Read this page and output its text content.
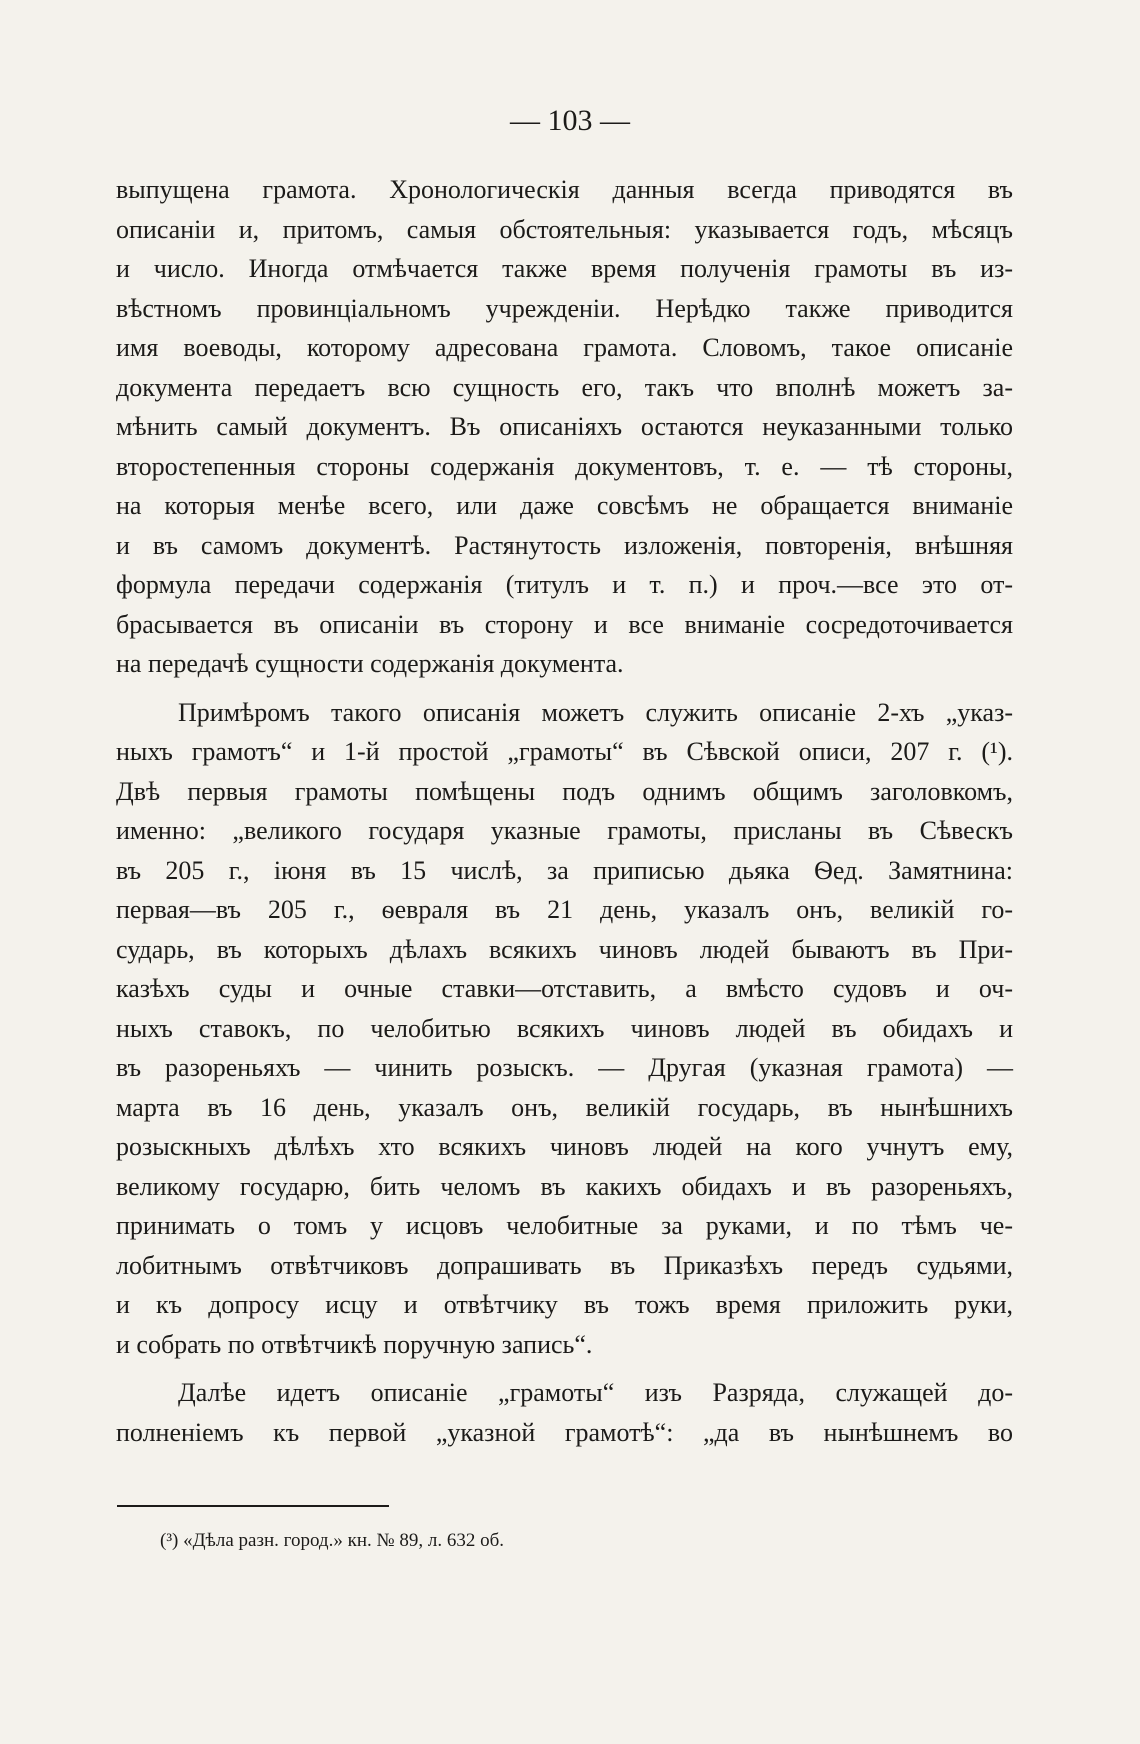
— 103 —
выпущена грамота. Хронологическія данныя всегда приводятся въ
описаніи и, притомъ, самыя обстоятельныя: указывается годъ, мѣсяцъ
и число. Иногда отмѣчается также время полученія грамоты въ из-
вѣстномъ провинціальномъ учрежденіи. Нерѣдко также приводится
имя воеводы, которому адресована грамота. Словомъ, такое описаніе
документа передаетъ всю сущность его, такъ что вполнѣ можетъ за-
мѣнить самый документъ. Въ описаніяхъ остаются неуказанными только
второстепенныя стороны содержанія документовъ, т. е. — тѣ стороны,
на которыя менѣе всего, или даже совсѣмъ не обращается вниманіе
и въ самомъ документѣ. Растянутость изложенія, повторенія, внѣшняя
формула передачи содержанія (титулъ и т. п.) и проч.—все это от-
брасывается въ описаніи въ сторону и все вниманіе сосредоточивается
на передачѣ сущности содержанія документа.
Примѣромъ такого описанія можетъ служить описаніе 2-хъ „указ-
ныхъ грамотъ“ и 1-й простой „грамоты“ въ Сѣвской описи, 207 г. (¹).
Двѣ первыя грамоты помѣщены подъ однимъ общимъ заголовкомъ,
именно: „великого государя указные грамоты, присланы въ Сѣвескъ
въ 205 г., іюня въ 15 числѣ, за приписью дьяка Ѳед. Замятнина:
первая—въ 205 г., ѳевраля въ 21 день, указалъ онъ, великій го-
сударь, въ которыхъ дѣлахъ всякихъ чиновъ людей бываютъ въ При-
казѣхъ суды и очные ставки—отставить, а вмѣсто судовъ и оч-
ныхъ ставокъ, по челобитью всякихъ чиновъ людей въ обидахъ и
въ разореньяхъ — чинить розыскъ. — Другая (указная грамота) —
марта въ 16 день, указалъ онъ, великій государь, въ нынѣшнихъ
розыскныхъ дѣлѣхъ хто всякихъ чиновъ людей на кого учнутъ ему,
великому государю, бить челомъ въ какихъ обидахъ и въ разореньяхъ,
принимать о томъ у исцовъ челобитные за руками, и по тѣмъ че-
лобитнымъ отвѣтчиковъ допрашивать въ Приказѣхъ передъ судьями,
и къ допросу исцу и отвѣтчику въ тожъ время приложить руки,
и собрать по отвѣтчикѣ поручную запись“.
Далѣе идетъ описаніе „грамоты“ изъ Разряда, служащей до-
полненіемъ къ первой „указной грамотѣ“: „да въ нынѣшнемъ во
(³) «Дѣла разн. город.» кн. № 89, л. 632 об.
